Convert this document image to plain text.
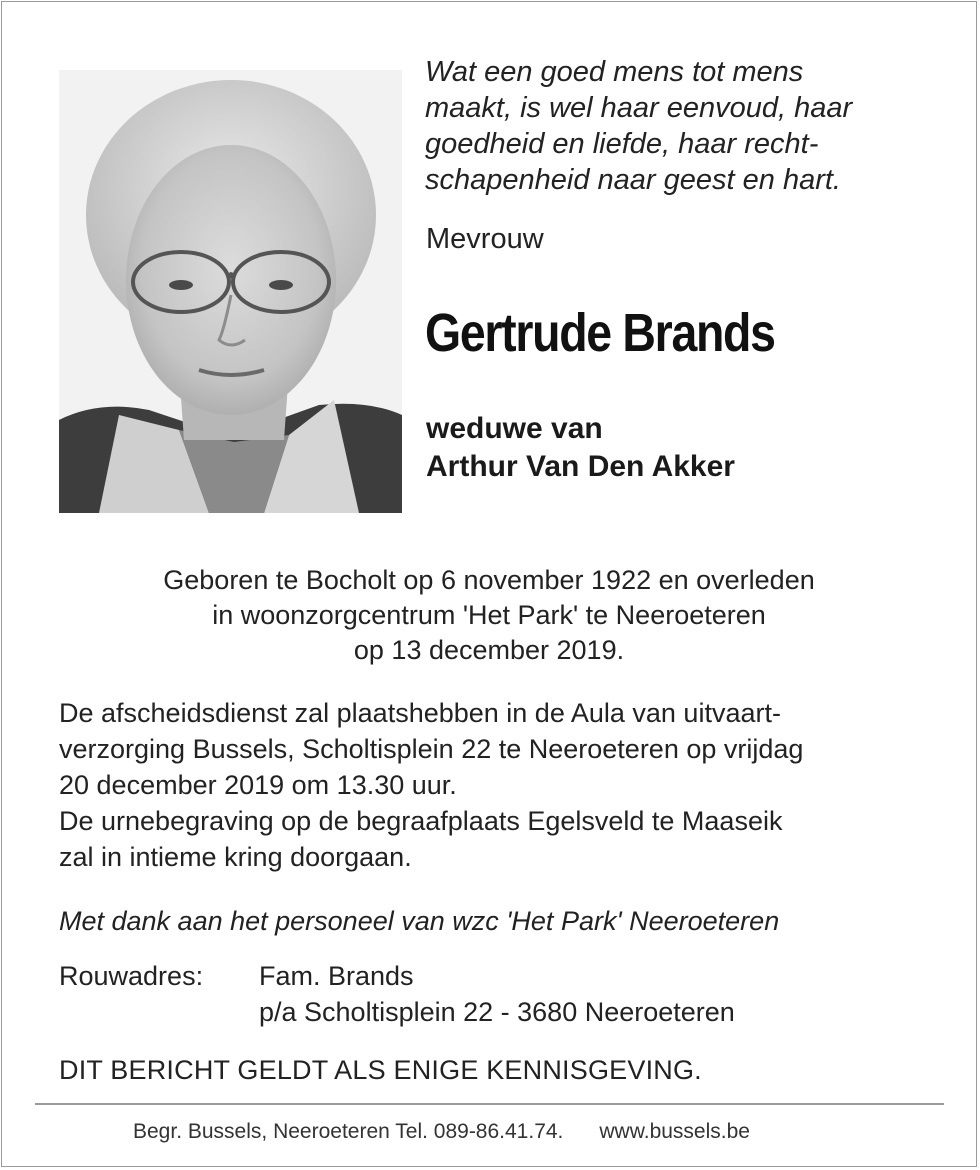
Wat een goed mens tot mens
maakt, is wel haar eenvoud, haar
goedheid en liefde, haar recht-
schapenheid naar geest en hart.
Mevrouw
Gertrude Brands
weduwe van
Arthur Van Den Akker
Geboren te Bocholt op 6 november 1922 en overleden
in woonzorgcentrum 'Het Park' te Neeroeteren
op 13 december 2019.
De afscheidsdienst zal plaatshebben in de Aula van uitvaart-
verzorging Bussels, Scholtisplein 22 te Neeroeteren op vrijdag
20 december 2019 om 13.30 uur.
De urnebegraving op de begraafplaats Egelsveld te Maaseik
zal in intieme kring doorgaan.
Met dank aan het personeel van wzc 'Het Park' Neeroeteren
Rouwadres: Fam. Brands
p/a Scholtisplein 22 - 3680 Neeroeteren
DIT BERICHT GELDT ALS ENIGE KENNISGEVING.
Begr. Bussels, Neeroeteren Tel. 089-86.41.74. www.bussels.be
